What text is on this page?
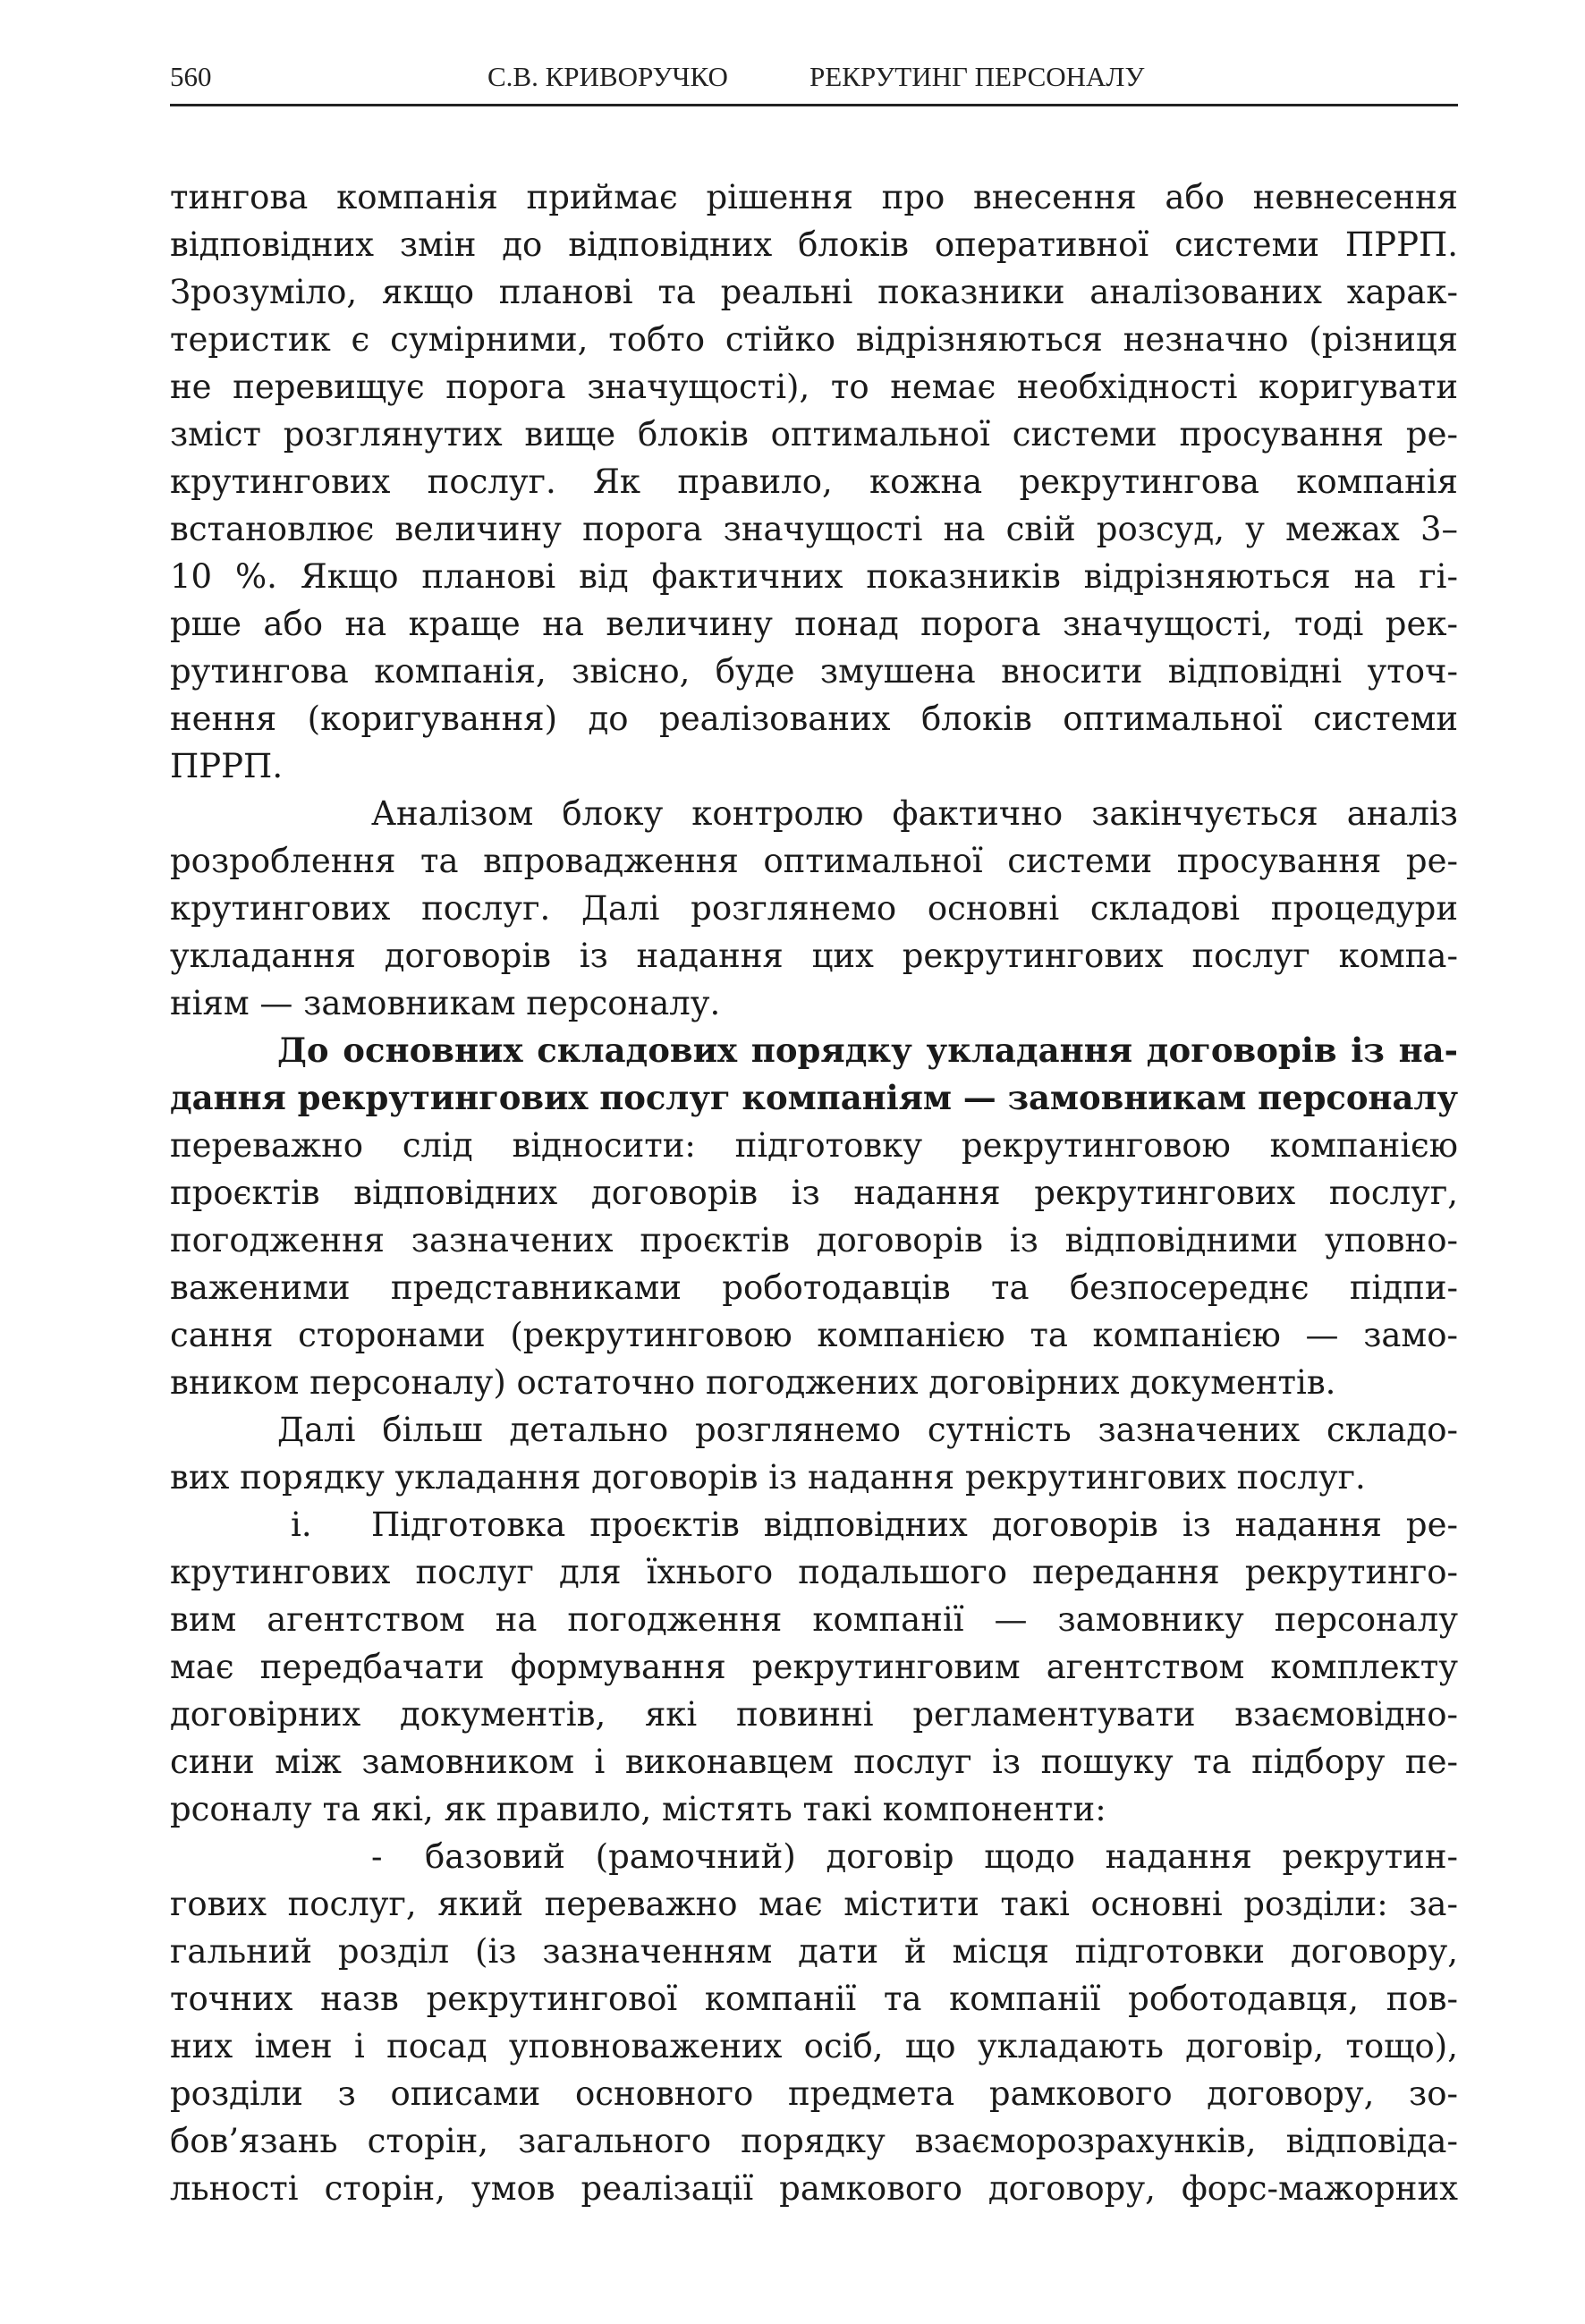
560	С.В. КРИВОРУЧКО	РЕКРУТИНГ ПЕРСОНАЛУ
тингова компанія приймає рішення про внесення або невнесення
відповідних змін до відповідних блоків оперативної системи ПРРП.
Зрозуміло, якщо планові та реальні показники аналізованих харак-
теристик є сумірними, тобто стійко відрізняються незначно (різниця
не перевищує порога значущості), то немає необхідності коригувати
зміст розглянутих вище блоків оптимальної системи просування ре-
крутингових послуг. Як правило, кожна рекрутингова компанія
встановлює величину порога значущості на свій розсуд, у межах 3–
10 %. Якщо планові від фактичних показників відрізняються на гі-
рше або на краще на величину понад порога значущості, тоді рек-
рутингова компанія, звісно, буде змушена вносити відповідні уточ-
нення (коригування) до реалізованих блоків оптимальної системи
ПРРП.
Аналізом блоку контролю фактично закінчується аналіз
розроблення та впровадження оптимальної системи просування ре-
крутингових послуг. Далі розглянемо основні складові процедури
укладання договорів із надання цих рекрутингових послуг компа-
ніям — замовникам персоналу.
До основних складових порядку укладання договорів із на-
дання рекрутингових послуг компаніям — замовникам персоналу
переважно слід відносити: підготовку рекрутинговою компанією
проєктів відповідних договорів із надання рекрутингових послуг,
погодження зазначених проєктів договорів із відповідними уповно-
важеними представниками роботодавців та безпосереднє підпи-
сання сторонами (рекрутинговою компанією та компанією — замо-
вником персоналу) остаточно погоджених договірних документів.
Далі більш детально розглянемо сутність зазначених складо-
вих порядку укладання договорів із надання рекрутингових послуг.
i. Підготовка проєктів відповідних договорів із надання ре-
крутингових послуг для їхнього подальшого передання рекрутинго-
вим агентством на погодження компанії — замовнику персоналу
має передбачати формування рекрутинговим агентством комплекту
договірних документів, які повинні регламентувати взаємовідно-
сини між замовником і виконавцем послуг із пошуку та підбору пе-
рсоналу та які, як правило, містять такі компоненти:
- базовий (рамочний) договір щодо надання рекрутин-
гових послуг, який переважно має містити такі основні розділи: за-
гальний розділ (із зазначенням дати й місця підготовки договору,
точних назв рекрутингової компанії та компанії роботодавця, пов-
них імен і посад уповноважених осіб, що укладають договір, тощо),
розділи з описами основного предмета рамкового договору, зо-
бов’язань сторін, загального порядку взаєморозрахунків, відповіда-
льності сторін, умов реалізації рамкового договору, форс-мажорних
